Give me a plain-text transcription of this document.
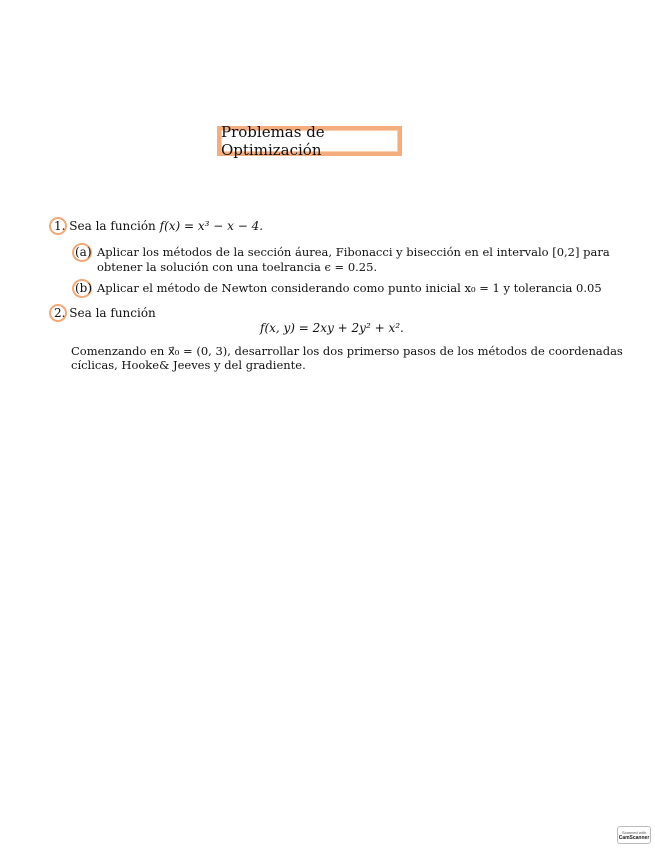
Problemas de Optimización
1. Sea la función f(x) = x³ − x − 4.
(a) Aplicar los métodos de la sección áurea, Fibonacci y bisección en el intervalo [0,2] para
obtener la solución con una toelrancia ϵ = 0.25.
(b) Aplicar el método de Newton considerando como punto inicial x₀ = 1 y tolerancia 0.05
2. Sea la función
f(x, y) = 2xy + 2y² + x².
Comenzando en x⃗₀ = (0, 3), desarrollar los dos primerso pasos de los métodos de coordenadas
cíclicas, Hooke& Jeeves y del gradiente.
Scanned with
CamScanner
